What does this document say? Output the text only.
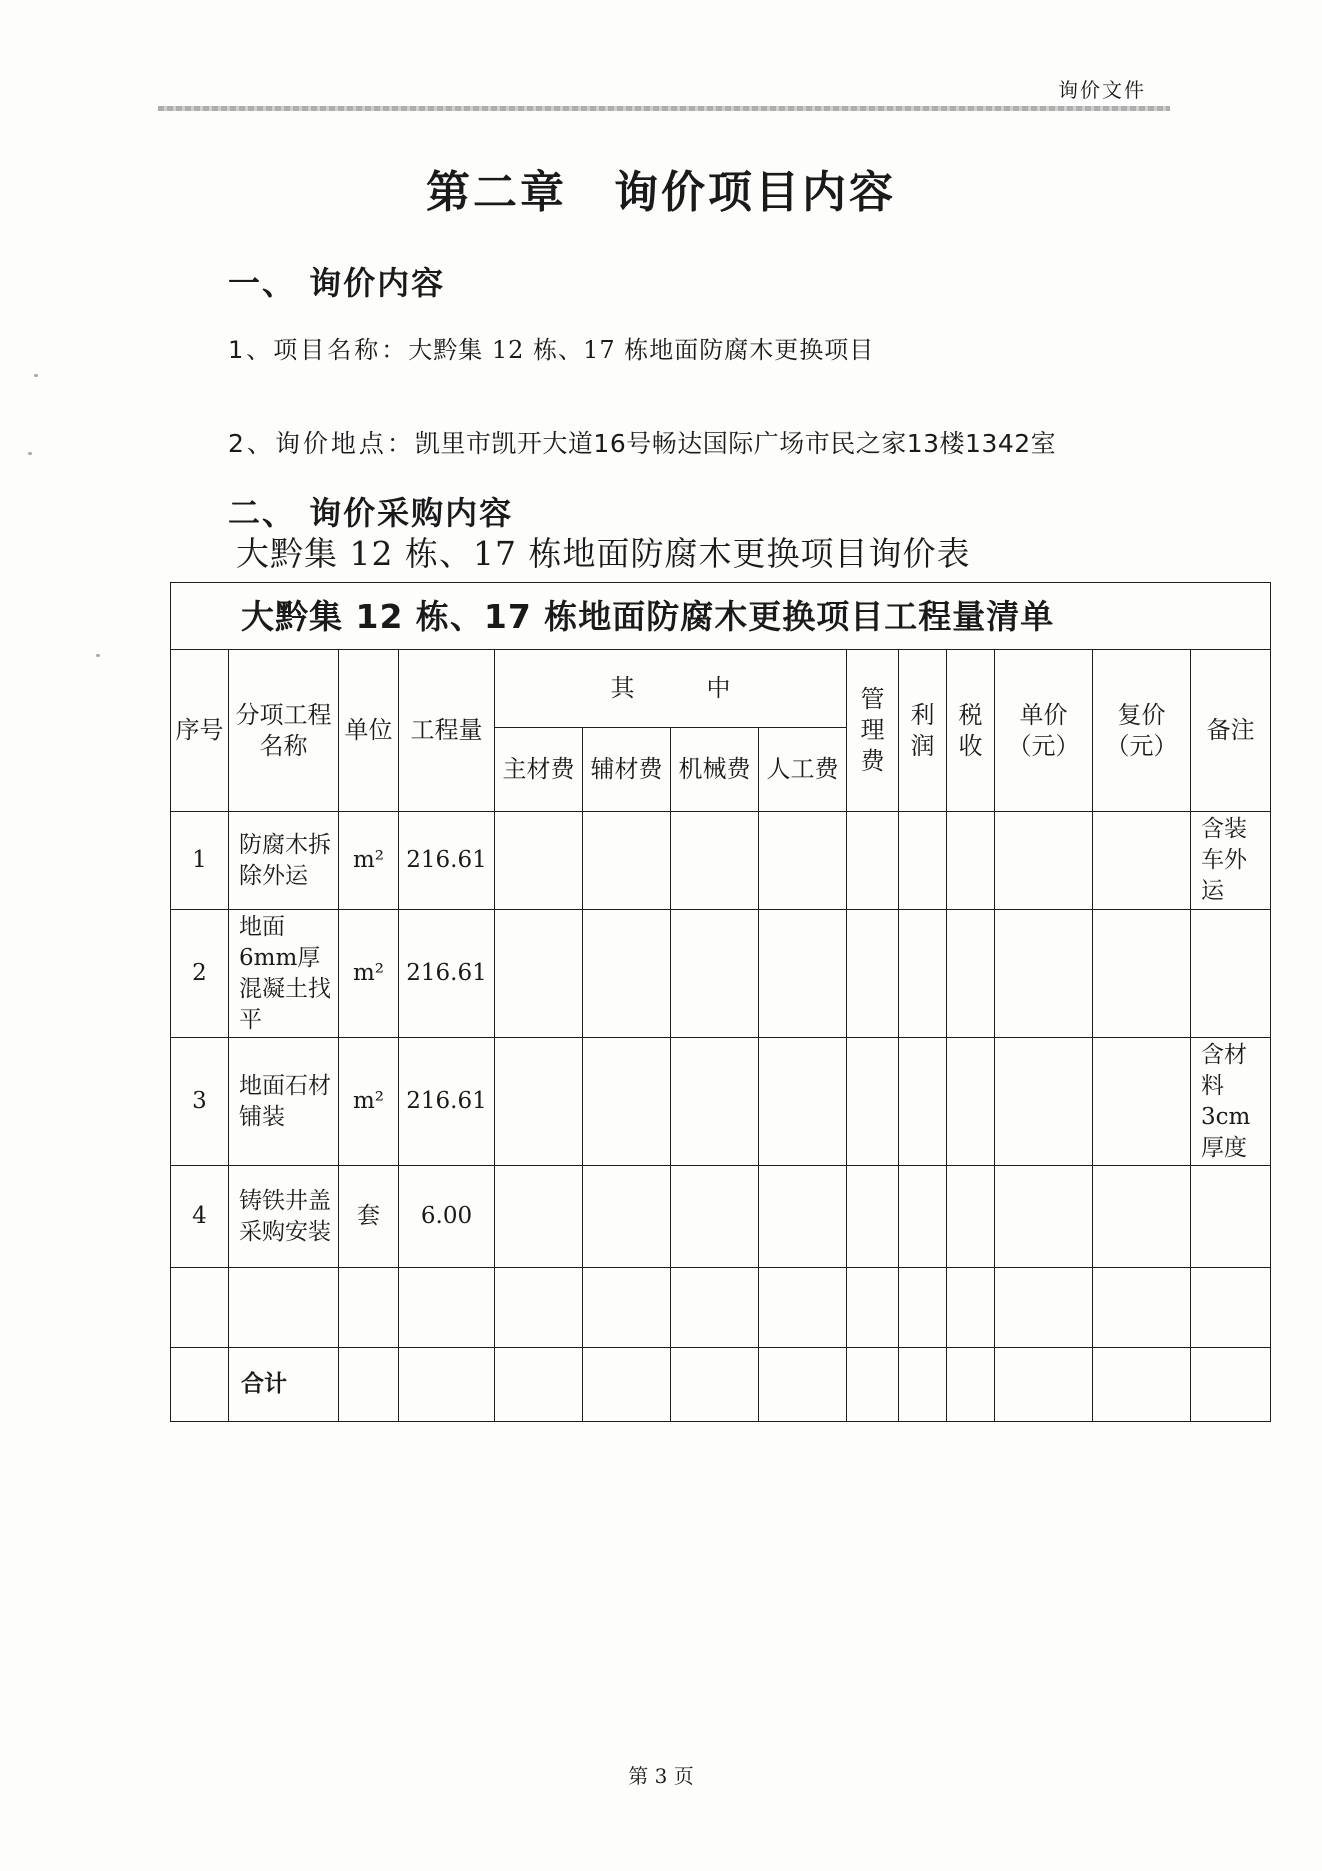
询价文件
第二章　询价项目内容
一、 询价内容
1、项目名称：大黔集 12 栋、17 栋地面防腐木更换项目
2、询价地点：凯里市凯开大道16号畅达国际广场市民之家13楼1342室
二、 询价采购内容
大黔集 12 栋、17 栋地面防腐木更换项目询价表
大黔集 12 栋、17 栋地面防腐木更换项目工程量清单													
序号	分项工程名称	单位	工程量	其　　　中				管理费	利润	税收	单价（元）	复价（元）	备注
				主材费	辅材费	机械费	人工费						
1	防腐木拆除外运	m²	216.61										含装车外运
2	地面6mm厚混凝土找平	m²	216.61										
3	地面石材铺装	m²	216.61										含材料3cm厚度
4	铸铁井盖采购安装	套	6.00										

	合计												
第 3 页
